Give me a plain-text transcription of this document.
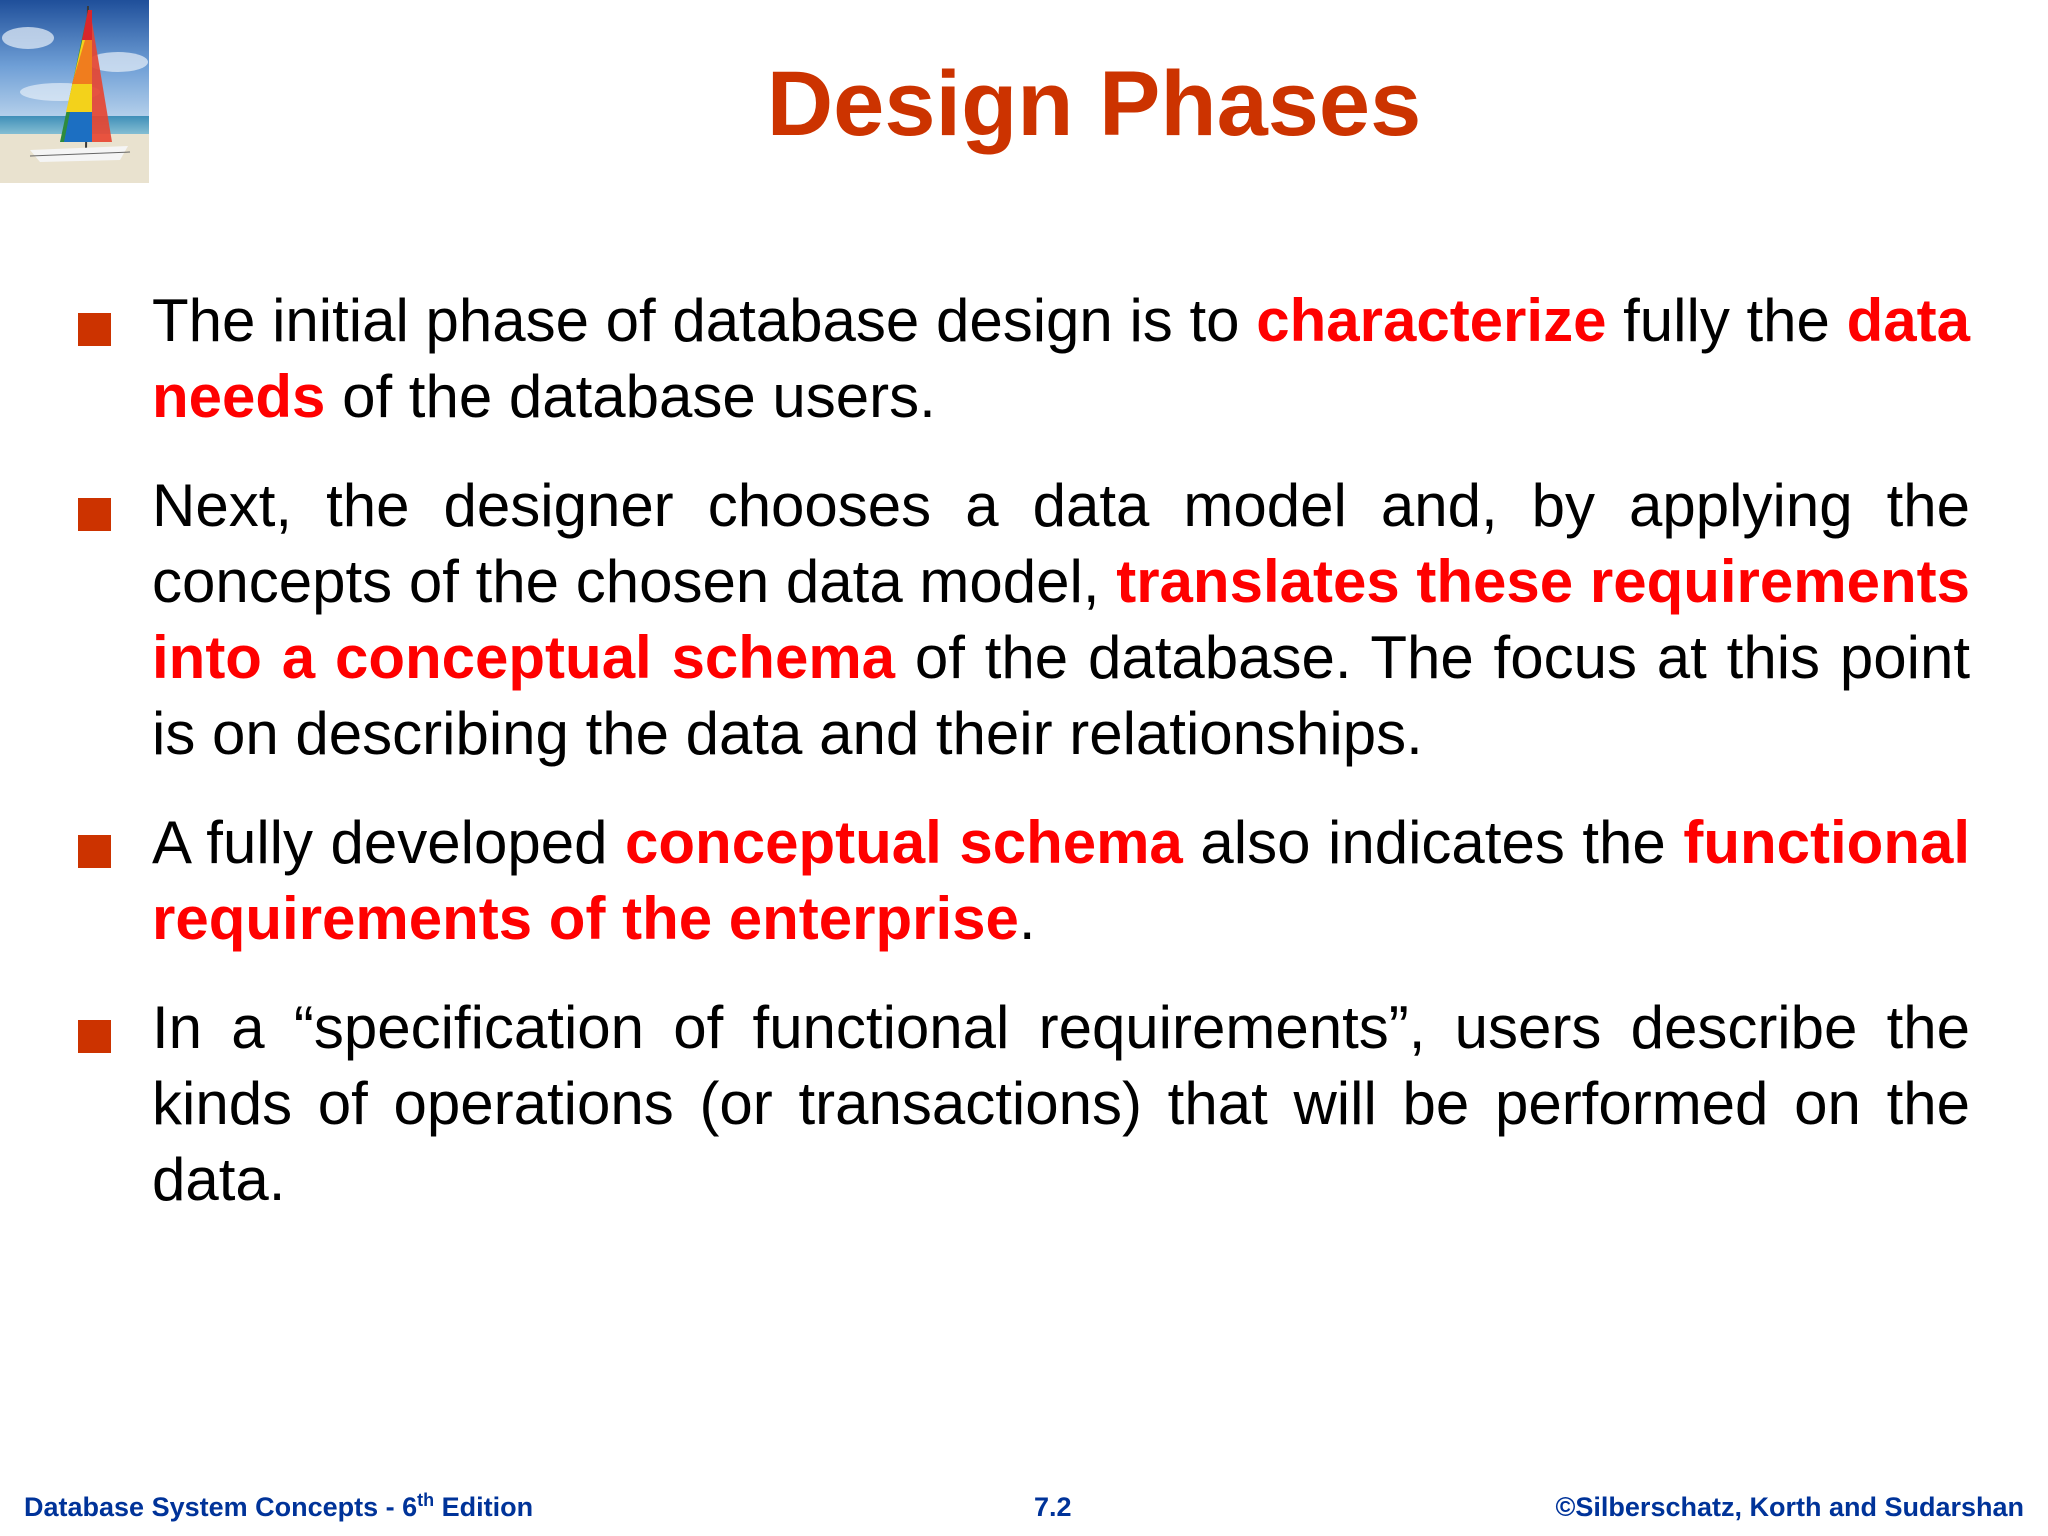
Design Phases

The initial phase of database design is to characterize fully the data needs of the database users.

Next, the designer chooses a data model and, by applying the concepts of the chosen data model, translates these requirements into a conceptual schema of the database. The focus at this point is on describing the data and their relationships.

A fully developed conceptual schema also indicates the functional requirements of the enterprise.

In a “specification of functional requirements”, users describe the kinds of operations (or transactions) that will be performed on the data.

Database System Concepts - 6th Edition	7.2	©Silberschatz, Korth and Sudarshan
